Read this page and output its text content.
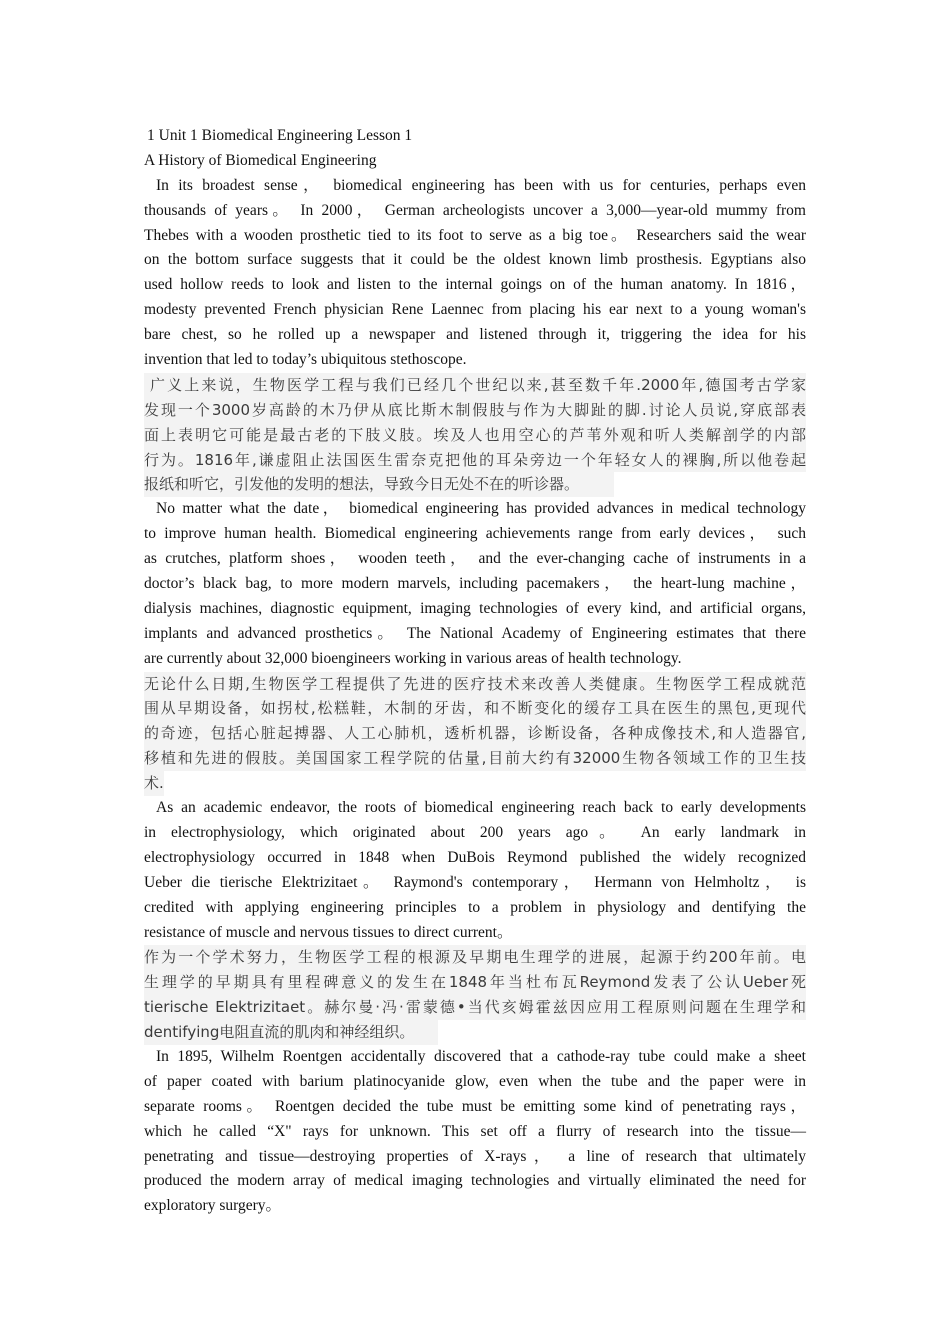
1 Unit 1 Biomedical Engineering Lesson 1
A History of Biomedical Engineering
In its broadest sense， biomedical engineering has been with us for centuries, perhaps even
thousands of years。 In 2000， German archeologists uncover a 3,000—year-old mummy from
Thebes with a wooden prosthetic tied to its foot to serve as a big toe。 Researchers said the wear
on the bottom surface suggests that it could be the oldest known limb prosthesis. Egyptians also
used hollow reeds to look and listen to the internal goings on of the human anatomy. In 1816，
modesty prevented French physician Rene Laennec from placing his ear next to a young woman's
bare chest, so he rolled up a newspaper and listened through it, triggering the idea for his
invention that led to today’s ubiquitous stethoscope.
广义上来说，生物医学工程与我们已经几个世纪以来,甚至数千年.2000年,德国考古学家
发现一个3000岁高龄的木乃伊从底比斯木制假肢与作为大脚趾的脚.讨论人员说,穿底部表
面上表明它可能是最古老的下肢义肢。埃及人也用空心的芦苇外观和听人类解剖学的内部
行为。1816年,谦虚阻止法国医生雷奈克把他的耳朵旁边一个年轻女人的裸胸,所以他卷起
报纸和听它，引发他的发明的想法，导致今日无处不在的听诊器。
No matter what the date， biomedical engineering has provided advances in medical technology
to improve human health. Biomedical engineering achievements range from early devices， such
as crutches, platform shoes， wooden teeth， and the ever-changing cache of instruments in a
doctor’s black bag, to more modern marvels, including pacemakers， the heart-lung machine，
dialysis machines, diagnostic equipment, imaging technologies of every kind, and artificial organs,
implants and advanced prosthetics。 The National Academy of Engineering estimates that there
are currently about 32,000 bioengineers working in various areas of health technology.
无论什么日期,生物医学工程提供了先进的医疗技术来改善人类健康。生物医学工程成就范
围从早期设备，如拐杖,松糕鞋，木制的牙齿，和不断变化的缓存工具在医生的黑包,更现代
的奇迹，包括心脏起搏器、人工心肺机，透析机器，诊断设备，各种成像技术,和人造器官,
移植和先进的假肢。美国国家工程学院的估量,目前大约有32000生物各领域工作的卫生技
术.
As an academic endeavor, the roots of biomedical engineering reach back to early developments
in electrophysiology, which originated about 200 years ago。 An early landmark in
electrophysiology occurred in 1848 when DuBois Reymond published the widely recognized
Ueber die tierische Elektrizitaet。 Raymond's contemporary， Hermann von Helmholtz， is
credited with applying engineering principles to a problem in physiology and dentifying the
resistance of muscle and nervous tissues to direct current。
作为一个学术努力，生物医学工程的根源及早期电生理学的进展，起源于约200年前。电
生理学的早期具有里程碑意义的发生在1848年当杜布瓦Reymond发表了公认Ueber死
tierische Elektrizitaet。赫尔曼·冯·雷蒙德•当代亥姆霍兹因应用工程原则问题在生理学和
dentifying电阻直流的肌肉和神经组织。
In 1895, Wilhelm Roentgen accidentally discovered that a cathode-ray tube could make a sheet
of paper coated with barium platinocyanide glow, even when the tube and the paper were in
separate rooms。 Roentgen decided the tube must be emitting some kind of penetrating rays，
which he called “X" rays for unknown. This set off a flurry of research into the tissue—
penetrating and tissue—destroying properties of X-rays， a line of research that ultimately
produced the modern array of medical imaging technologies and virtually eliminated the need for
exploratory surgery。
